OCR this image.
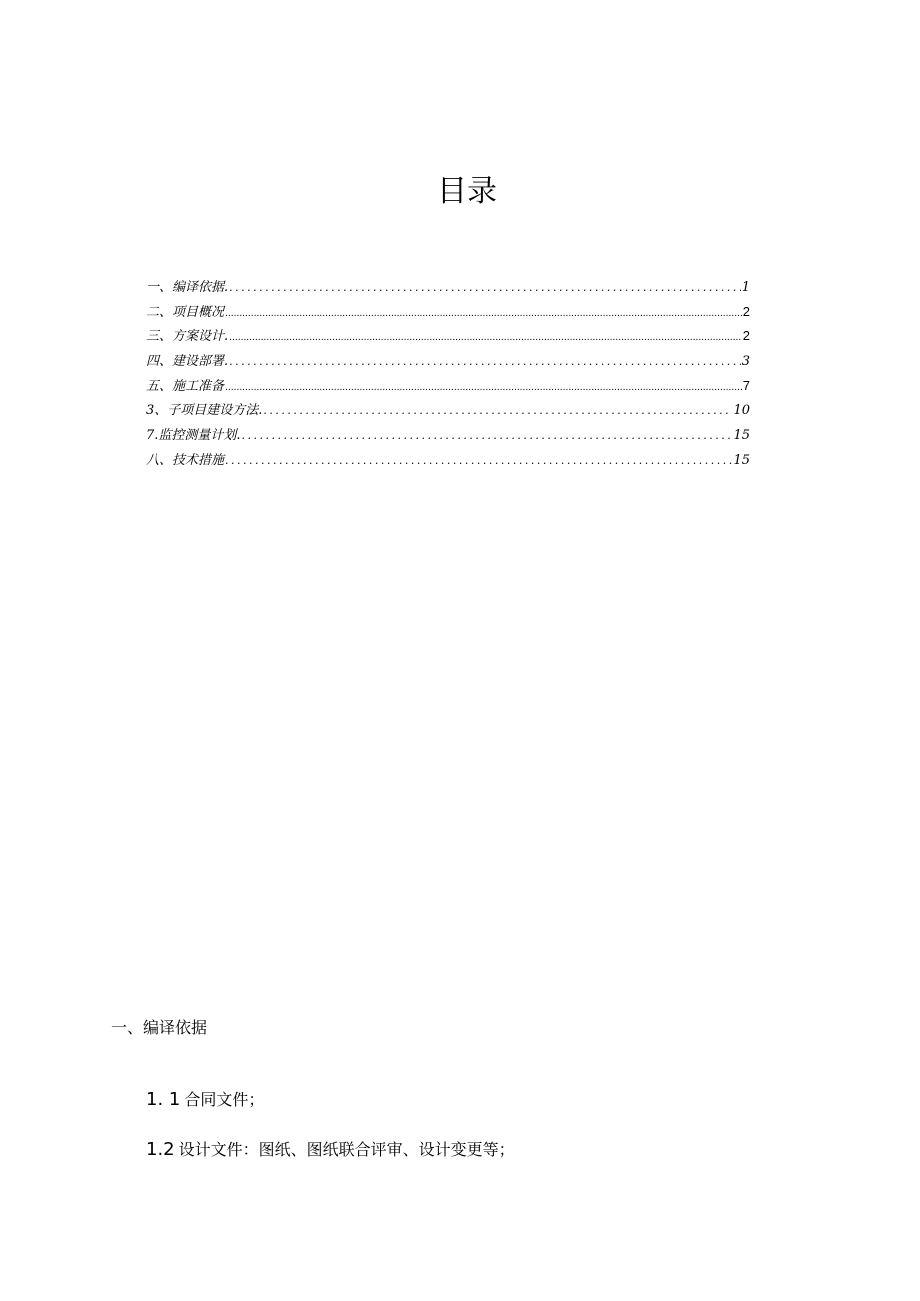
目录
一、编译依据. .....	1
二、项目概况 .....	2
三、方案设计. .....	2
四、建设部署. .....	3
五、施工准备 .....	7
3、子项目建设方法. .....	10
7.监控测量计划. .....	15
八、技术措施 .....	15
一、编译依据
1. 1 合同文件；
1.2 设计文件：图纸、图纸联合评审、设计变更等；
